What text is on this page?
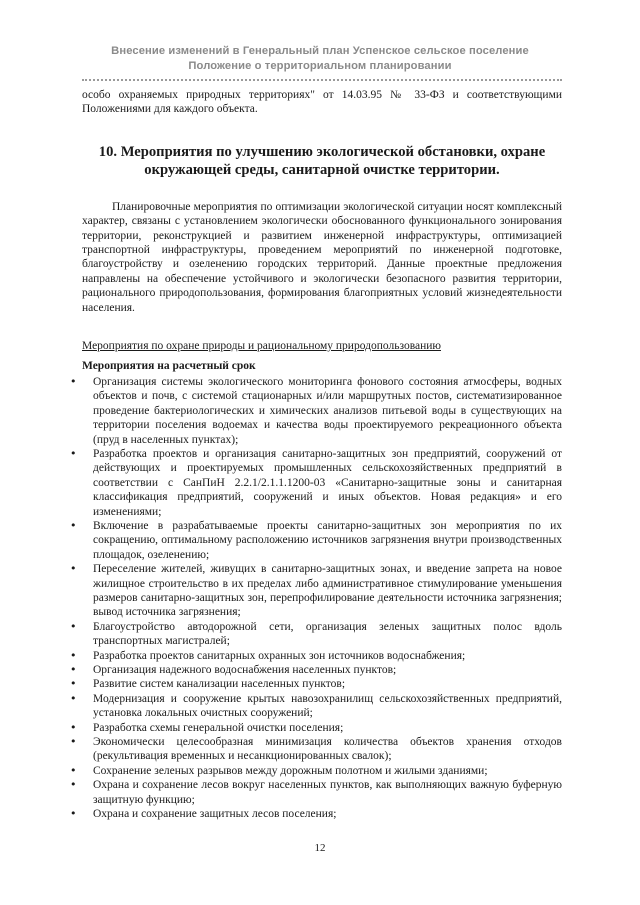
Внесение изменений в Генеральный план Успенское сельское поселение
Положение о территориальном планировании

особо охраняемых природных территориях" от 14.03.95 № 33-ФЗ и соответствующими Положениями для каждого объекта.

10. Мероприятия по улучшению экологической обстановки, охране окружающей среды, санитарной очистке территории.

Планировочные мероприятия по оптимизации экологической ситуации носят комплексный характер, связаны с установлением экологически обоснованного функционального зонирования территории, реконструкцией и развитием инженерной инфраструктуры, оптимизацией транспортной инфраструктуры, проведением мероприятий по инженерной подготовке, благоустройству и озеленению городских территорий. Данные проектные предложения направлены на обеспечение устойчивого и экологически безопасного развития территории, рационального природопользования, формирования благоприятных условий жизнедеятельности населения.

Мероприятия по охране природы и рациональному природопользованию
Мероприятия на расчетный срок
• Организация системы экологического мониторинга фонового состояния атмосферы, водных объектов и почв, с системой стационарных и/или маршрутных постов, систематизированное проведение бактериологических и химических анализов питьевой воды в существующих на территории поселения водоемах и качества воды проектируемого рекреационного объекта (пруд в населенных пунктах);
• Разработка проектов и организация санитарно-защитных зон предприятий, сооружений от действующих и проектируемых промышленных сельскохозяйственных предприятий в соответствии с СанПиН 2.2.1/2.1.1.1200-03 «Санитарно-защитные зоны и санитарная классификация предприятий, сооружений и иных объектов. Новая редакция» и его изменениями;
• Включение в разрабатываемые проекты санитарно-защитных зон мероприятия по их сокращению, оптимальному расположению источников загрязнения внутри производственных площадок, озеленению;
• Переселение жителей, живущих в санитарно-защитных зонах, и введение запрета на новое жилищное строительство в их пределах либо административное стимулирование уменьшения размеров санитарно-защитных зон, перепрофилирование деятельности источника загрязнения; вывод источника загрязнения;
• Благоустройство автодорожной сети, организация зеленых защитных полос вдоль транспортных магистралей;
• Разработка проектов санитарных охранных зон источников водоснабжения;
• Организация надежного водоснабжения населенных пунктов;
• Развитие систем канализации населенных пунктов;
• Модернизация и сооружение крытых навозохранилищ сельскохозяйственных предприятий, установка локальных очистных сооружений;
• Разработка схемы генеральной очистки поселения;
• Экономически целесообразная минимизация количества объектов хранения отходов (рекультивация временных и несанкционированных свалок);
• Сохранение зеленых разрывов между дорожным полотном и жилыми зданиями;
• Охрана и сохранение лесов вокруг населенных пунктов, как выполняющих важную буферную защитную функцию;
• Охрана и сохранение защитных лесов поселения;
12
